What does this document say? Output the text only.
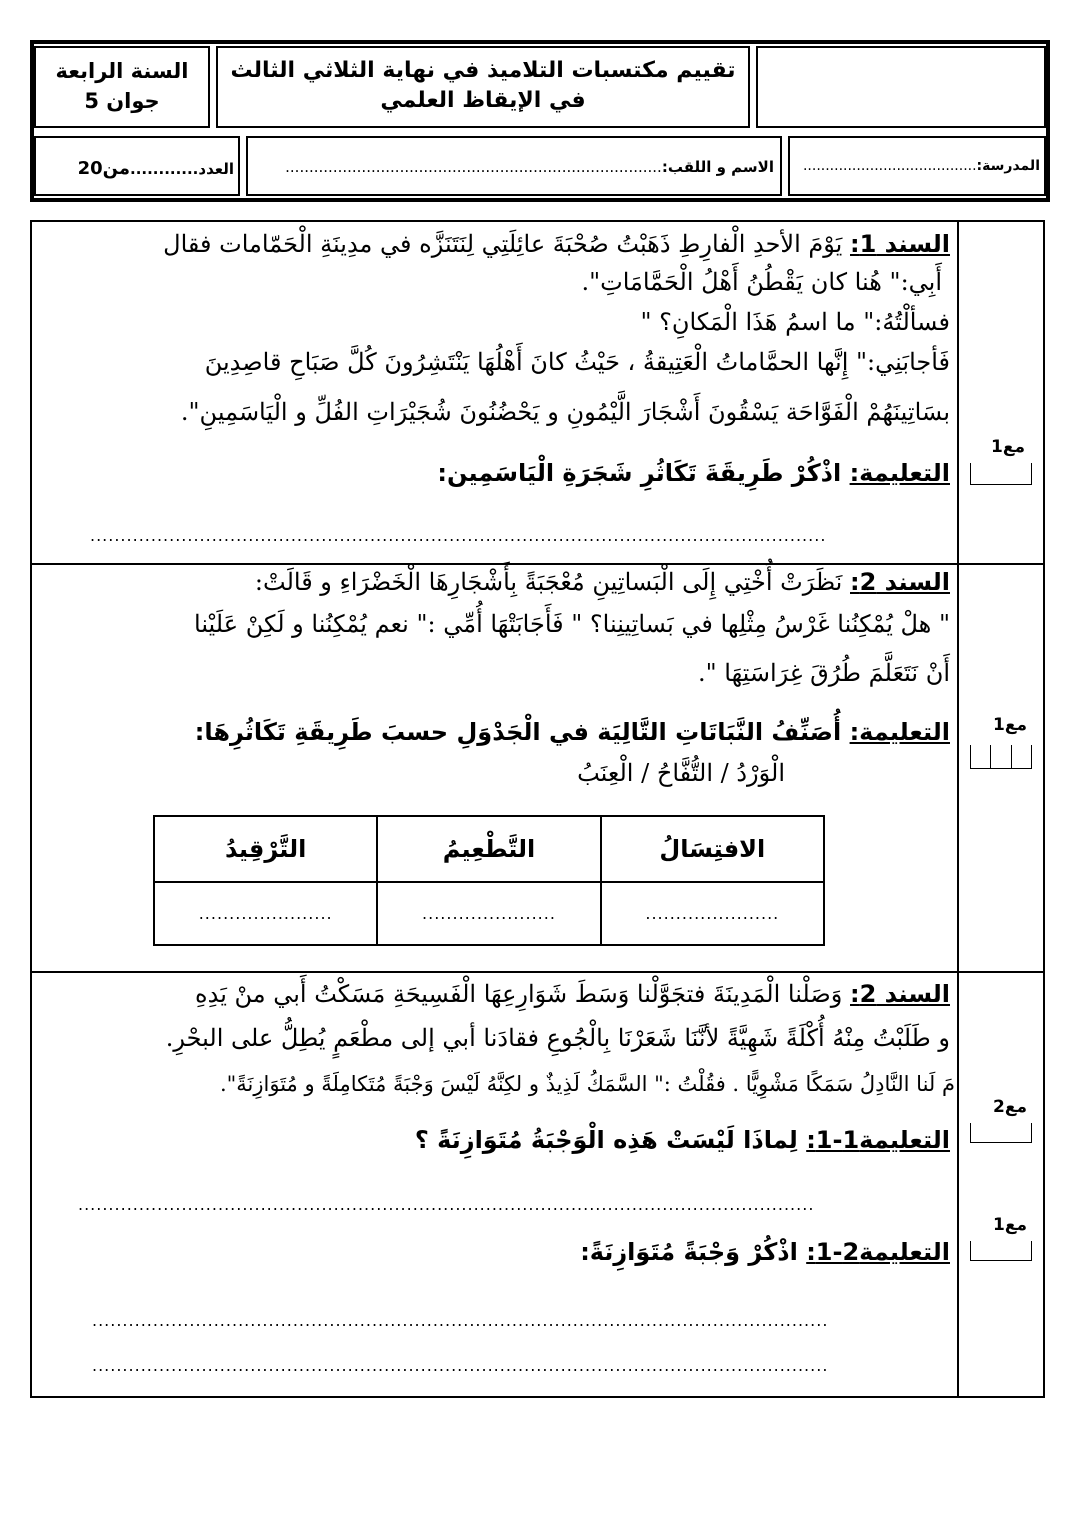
السنة الرابعة
جوان 5
تقييم مكتسبات التلاميذ في نهاية الثلاثي الثالث
في الإيقاظ العلمي
العدد............من20	الاسم و اللقب:...............................................................................	المدرسة:.......................................
السند 1: يَوْمَ الأحدِ الْفارِطِ ذَهَبْتُ صُحْبَةَ عائِلَتِي لِنَتَنَزَّه في مدِينَةِ الْحَمّامات فقال
أَبِي:" هُنا كان يَقْطُنُ أَهْلُ الْحَمَّامَاتِ".
فسألْتُهُ:" ما اسمُ هَذَا الْمَكانِ؟ "
فَأجابَنِي:" إِنَّها الحمَّاماتُ الْعَتِيقةُ ، حَيْثُ كانَ أَهْلُهَا يَنْتَشِرُونَ كُلَّ صَبَاحِ قاصِدِينَ
بسَاتِينَهُمْ الْفَوَّاحَة يَسْقُونَ أَشْجَارَ الَّيْمُونِ و يَحْضُنُونَ شُجَيْرَاتِ الفُلِّ و الْيَاسَمِينِ".
التعليمة: اذْكُرْ طَرِيقَةَ تَكَاثُرِ شَجَرَةِ الْيَاسَمِين:
.........................................................................................................................
مع1
السند 2: نَظَرَتْ أُخْتِي إِلَى الْبَساتِينِ مُعْجَبَةً بِأَشْجَارِهَا الْخَضْرَاءِ و قَالَتْ:
" هلْ يُمْكِنُنا غَرْسُ مِثْلِها في بَساتِينِنا؟ " فَأَجَابَتْهَا أُمِّي :" نعم يُمْكِنُنا و لَكِنْ عَلَيْنا
أَنْ نَتَعَلَّمَ طُرُقَ غِرَاسَتِهَا ".
التعليمة: أُصَنِّفُ النَّبَاتَاتِ التَّالِيَة في الْجَدْوَلِ حسبَ طَرِيقَةِ تَكَاثُرِهَا:
الْوَرْدُ / التُّفَّاحُ / الْعِنَبُ
التَّرْقِيدُ	التَّطْعِيمُ	الافتِسَالُ
......................	......................	......................
مع1
السند 2: وَصَلْنا الْمَدِينَةَ فتجَوَّلْنا وَسَطَ شَوَارِعِهَا الْفَسِيحَةِ مَسَكْتُ أَبي منْ يَدِهِ
و طَلَبْتُ مِنْهُ أُكْلَةً شَهِيَّةً لأنَّنَا شَعَرْنَا بِالْجُوعِ فقادَنا أبي إلى مطْعَمٍ يُطِلُّ على البحْرِ.
مَ لَنا النَّادِلُ سَمَكًا مَشْوِيًّا . فقُلْتُ :" السَّمَكُ لَذِيذٌ و لكِنَّهُ لَيْسَ وَجْبَةً مُتَكامِلَةً و مُتَوَازِنَةً".
التعليمة1-1: لِماذَا لَيْسَتْ هَذِه الْوَجْبَةُ مُتَوَازِنَةً ؟
.........................................................................................................................
التعليمة2-1: اذْكُرْ وَجْبَةً مُتَوَازِنَةً:
.........................................................................................................................
.........................................................................................................................
مع2
مع1
